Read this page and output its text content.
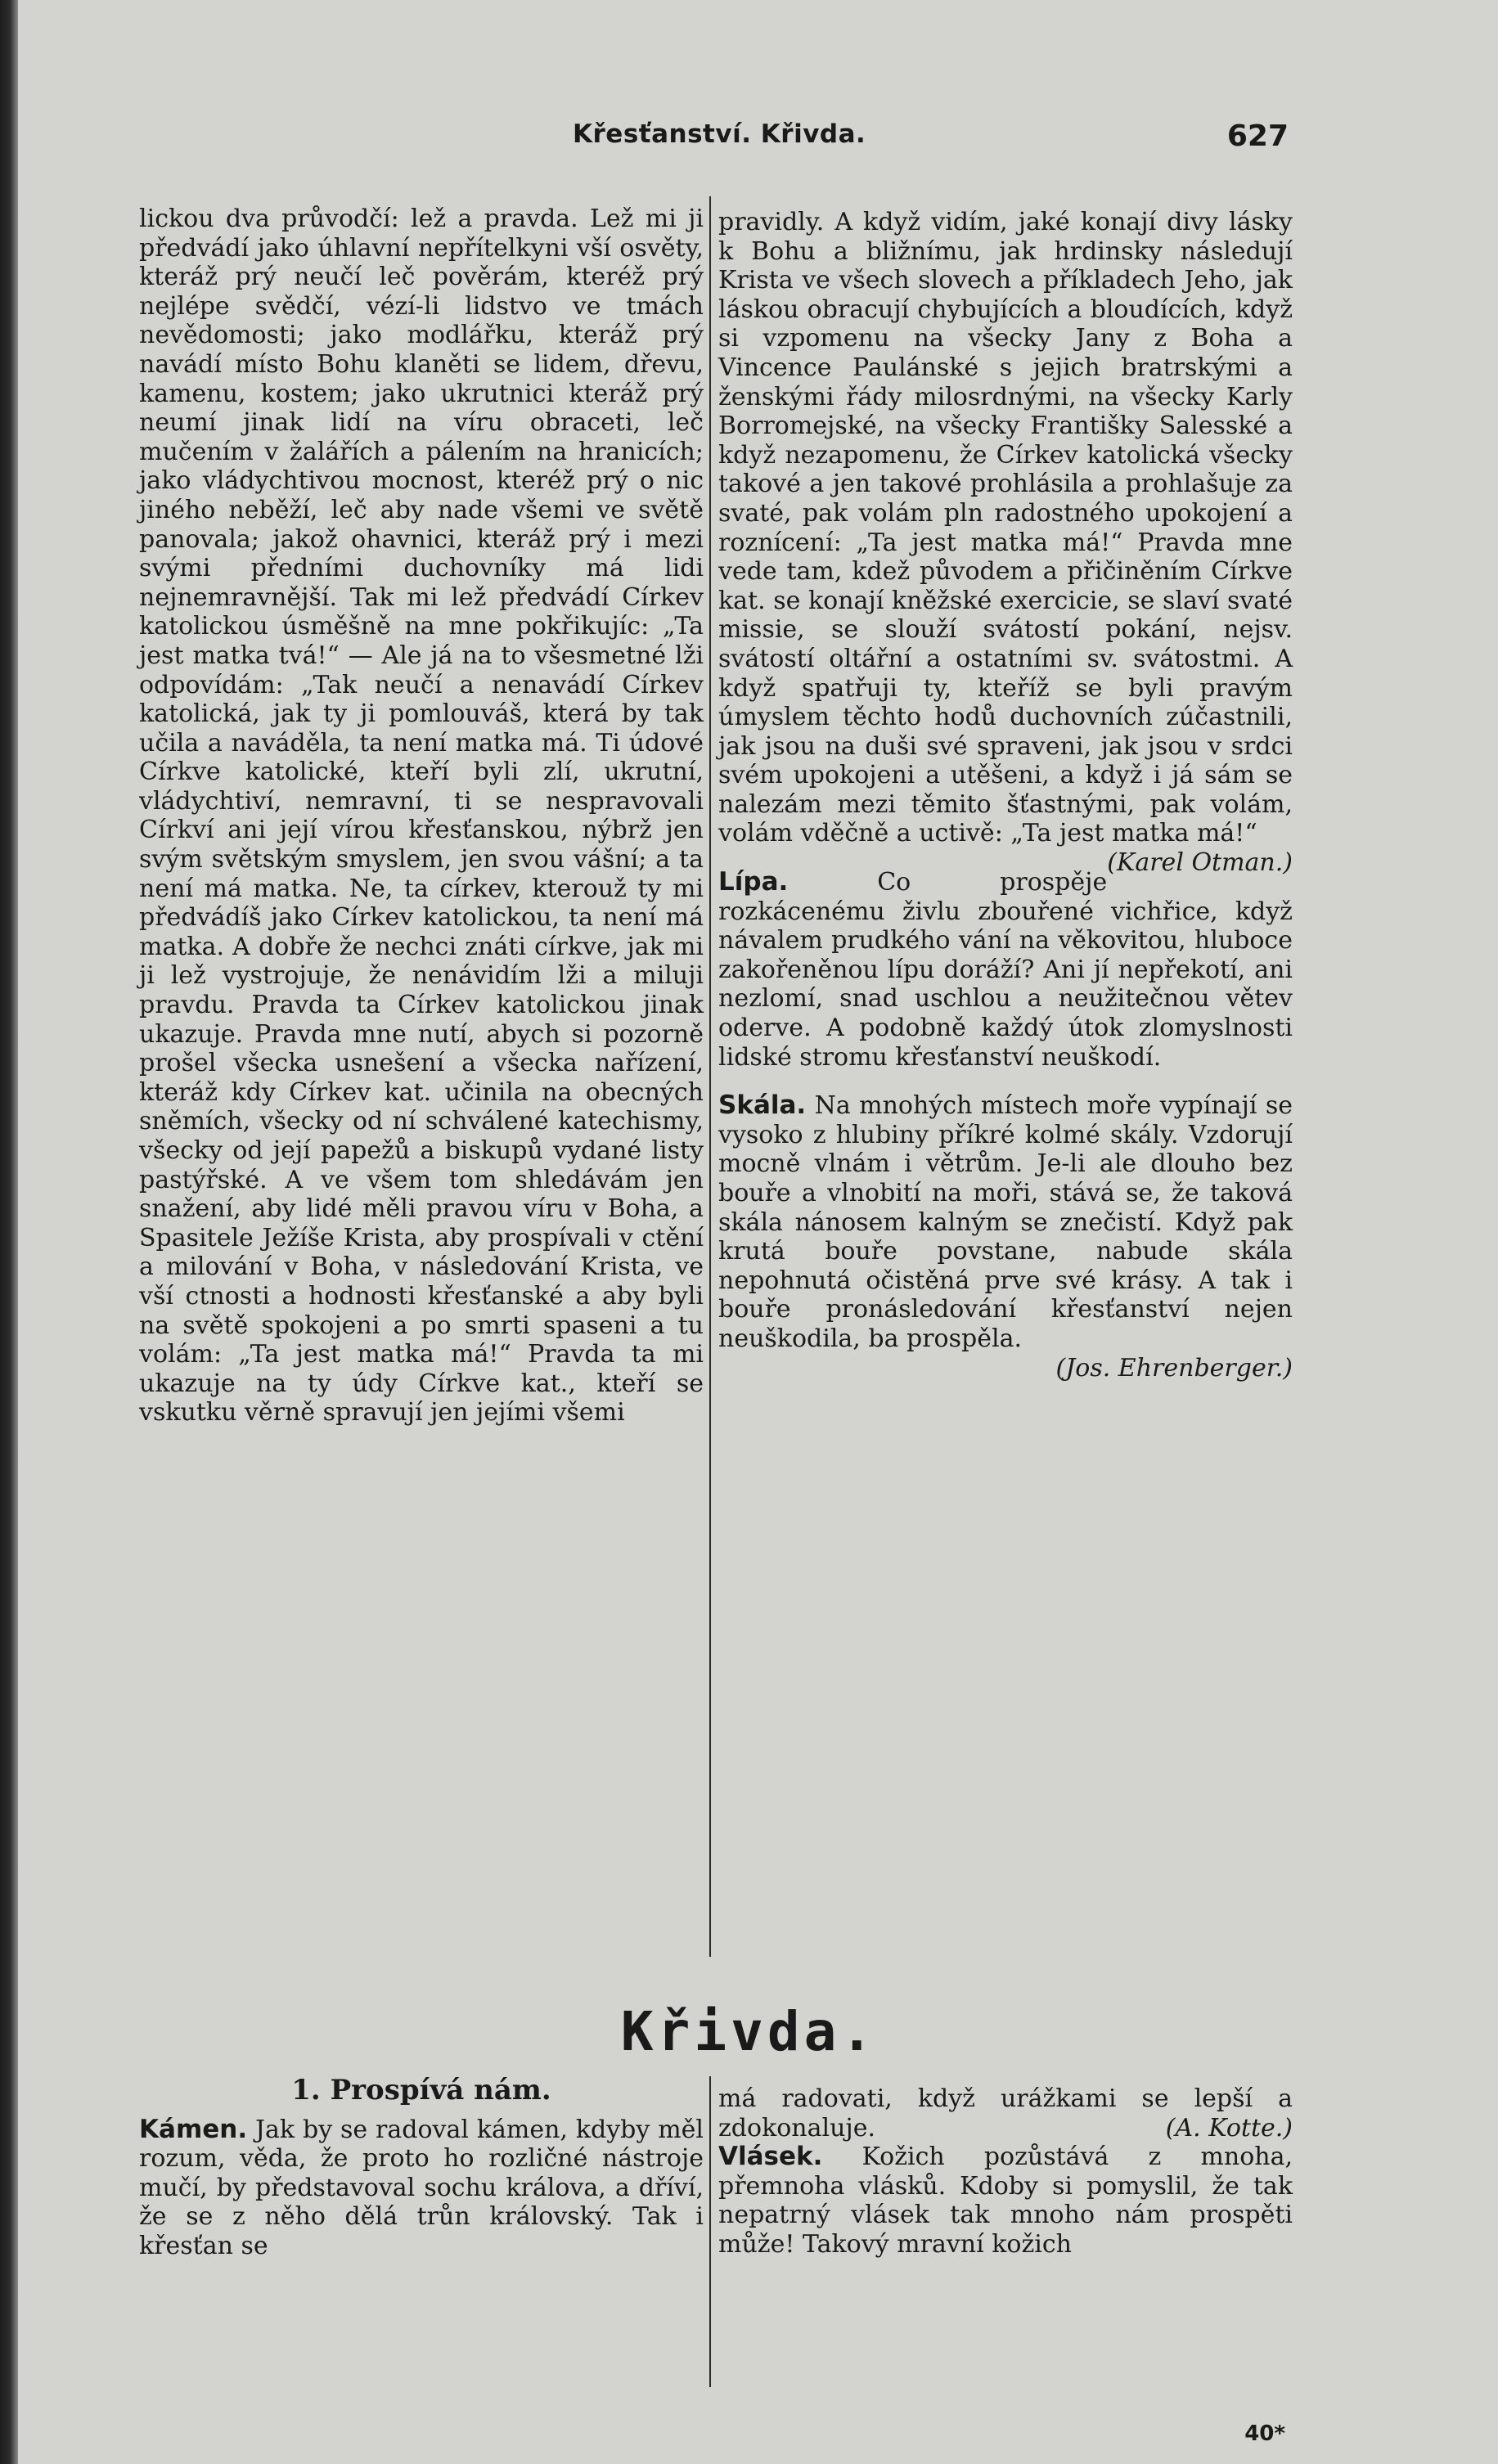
Křesťanství. Křivda.	627

lickou dva průvodčí: lež a pravda. Lež mi ji předvádí jako úhlavní nepřítelkyni vší osvěty, kteráž prý neučí leč pověrám, kteréž prý nejlépe svědčí, vézí-li lidstvo ve tmách nevědomosti; jako modlářku, kteráž prý navádí místo Bohu klaněti se lidem, dřevu, kamenu, kostem; jako ukrutnici kteráž prý neumí jinak lidí na víru obraceti, leč mučením v žalářích a pálením na hranicích; jako vládychtivou mocnost, kteréž prý o nic jiného neběží, leč aby nade všemi ve světě panovala; jakož ohavnici, kteráž prý i mezi svými předními duchovníky má lidi nejnemravnější. Tak mi lež předvádí Církev katolickou úsměšně na mne pokřikujíc: „Ta jest matka tvá!“ — Ale já na to všesmetné lži odpovídám: „Tak neučí a nenavádí Církev katolická, jak ty ji pomlouváš, která by tak učila a naváděla, ta není matka má. Ti údové Církve katolické, kteří byli zlí, ukrutní, vládychtiví, nemravní, ti se nespravovali Církví ani její vírou křesťanskou, nýbrž jen svým světským smyslem, jen svou vášní; a ta není má matka. Ne, ta církev, kterouž ty mi předvádíš jako Církev katolickou, ta není má matka. A dobře že nechci znáti církve, jak mi ji lež vystrojuje, že nenávidím lži a miluji pravdu. Pravda ta Církev katolickou jinak ukazuje. Pravda mne nutí, abych si pozorně prošel všecka usnešení a všecka nařízení, kteráž kdy Církev kat. učinila na obecných sněmích, všecky od ní schválené katechismy, všecky od její papežů a biskupů vydané listy pastýřské. A ve všem tom shledávám jen snažení, aby lidé měli pravou víru v Boha, a Spasitele Ježíše Krista, aby prospívali v ctění a milování v Boha, v následování Krista, ve vší ctnosti a hodnosti křesťanské a aby byli na světě spokojeni a po smrti spaseni a tu volám: „Ta jest matka má!“ Pravda ta mi ukazuje na ty údy Církve kat., kteří se vskutku věrně spravují jen jejími všemi

pravidly. A když vidím, jaké konají divy lásky k Bohu a bližnímu, jak hrdinsky následují Krista ve všech slovech a příkladech Jeho, jak láskou obracují chybujících a bloudících, když si vzpomenu na všecky Jany z Boha a Vincence Paulánské s jejich bratrskými a ženskými řády milosrdnými, na všecky Karly Borromejské, na všecky Františky Salesské a když nezapomenu, že Církev katolická všecky takové a jen takové prohlásila a prohlašuje za svaté, pak volám pln radostného upokojení a roznícení: „Ta jest matka má!“ Pravda mne vede tam, kdež původem a přičiněním Církve kat. se konají kněžské exercicie, se slaví svaté missie, se slouží svátostí pokání, nejsv. svátostí oltářní a ostatními sv. svátostmi. A když spatřuji ty, kteříž se byli pravým úmyslem těchto hodů duchovních zúčastnili, jak jsou na duši své spraveni, jak jsou v srdci svém upokojeni a utěšeni, a když i já sám se nalezám mezi těmito šťastnými, pak volám, volám vděčně a uctivě: „Ta jest matka má!“
(Karel Otman.)

Lípa.	Co prospěje rozkácenému živlu zbouřené vichřice, když návalem prudkého vání na věkovitou, hluboce zakořeněnou lípu doráží? Ani jí nepřekotí, ani nezlomí, snad uschlou a neužitečnou větev oderve. A podobně každý útok zlomyslnosti lidské stromu křesťanství neuškodí.

Skála. Na mnohých místech moře vypínají se vysoko z hlubiny příkré kolmé skály. Vzdorují mocně vlnám i větrům. Je-li ale dlouho bez bouře a vlnobití na moři, stává se, že taková skála nánosem kalným se znečistí. Když pak krutá bouře povstane, nabude skála nepohnutá očistěná prve své krásy. A tak i bouře pronásledování křesťanství nejen neuškodila, ba prospěla.

(Jos. Ehrenberger.)

Křivda.

1. Prospívá nám.

Kámen. Jak by se radoval kámen, kdyby měl rozum, věda, že proto ho rozličné nástroje mučí, by představoval sochu králova, a dříví, že se z něho dělá trůn královský. Tak i křesťan se

má radovati, když urážkami se lepší a zdokonaluje.	(A. Kotte.)

Vlásek. Kožich pozůstává z mnoha, přemnoha vlásků. Kdoby si pomyslil, že tak nepatrný vlásek tak mnoho nám prospěti může! Takový mravní kožich

40*
